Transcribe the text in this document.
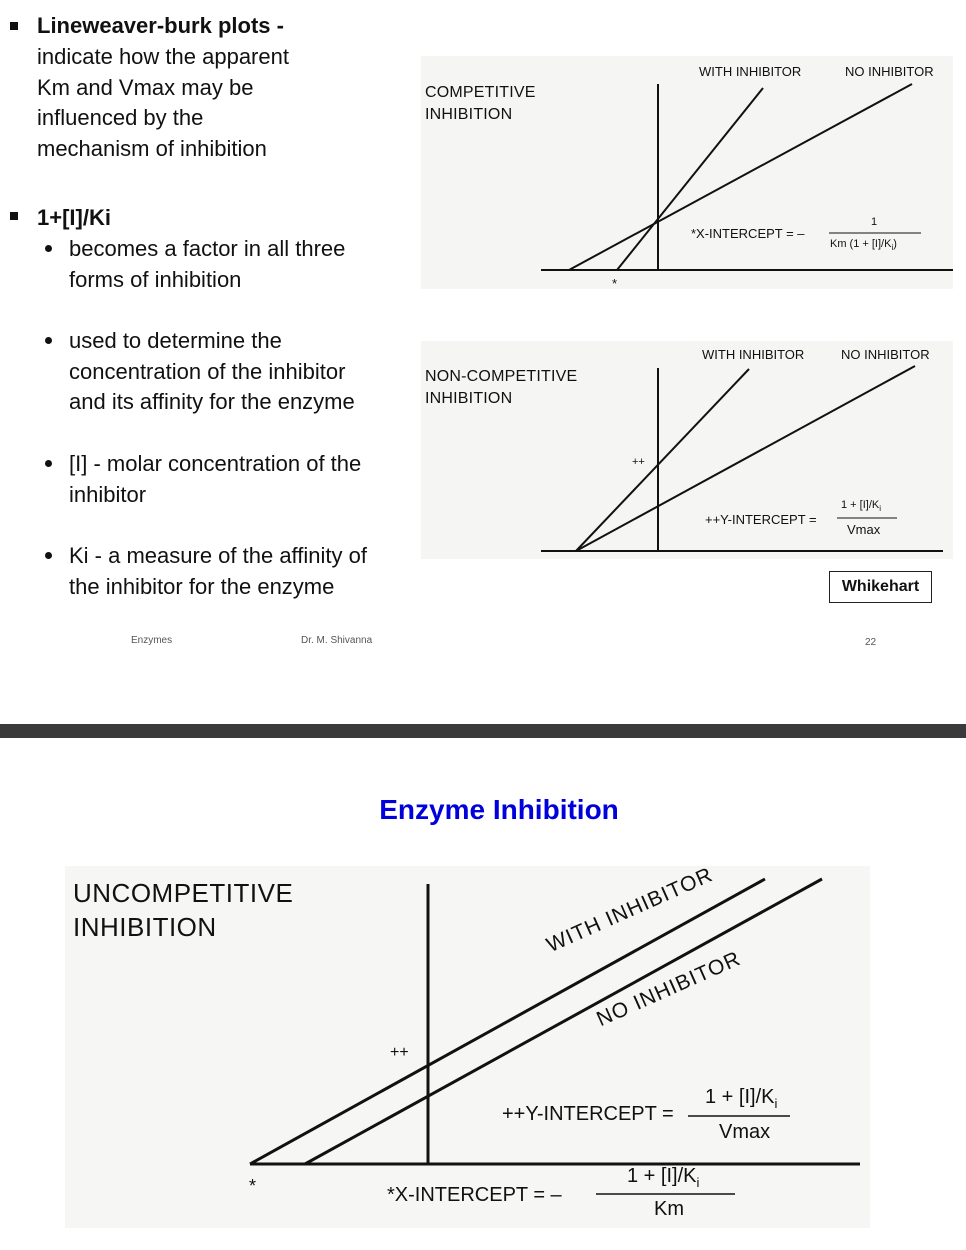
Lineweaver-burk plots -
indicate how the apparent
Km and Vmax may be
influenced by the
mechanism of inhibition
1+[I]/Ki
becomes a factor in all three
forms of inhibition
used to determine the
concentration of the inhibitor
and its affinity for the enzyme
[I] - molar concentration of the
inhibitor
Ki - a measure of the affinity of
the inhibitor for the enzyme
Enzymes	Dr. M. Shivanna	22
COMPETITIVE
INHIBITION
WITH INHIBITOR	NO INHIBITOR
*X-INTERCEPT = –
1
Km $(1 + [I]/K_i)$
*
NON-COMPETITIVE
INHIBITION
WITH INHIBITOR	NO INHIBITOR
++
++Y-INTERCEPT =
$1 + [I]/K_i$
Vmax
Whikehart
Enzyme Inhibition
UNCOMPETITIVE
INHIBITION	WITH INHIBITOR
NO INHIBITOR
++
++Y-INTERCEPT =
$1 + [I]/K_i$
Vmax
*	*X-INTERCEPT = –
$1 + [I]/K_i$
Km
